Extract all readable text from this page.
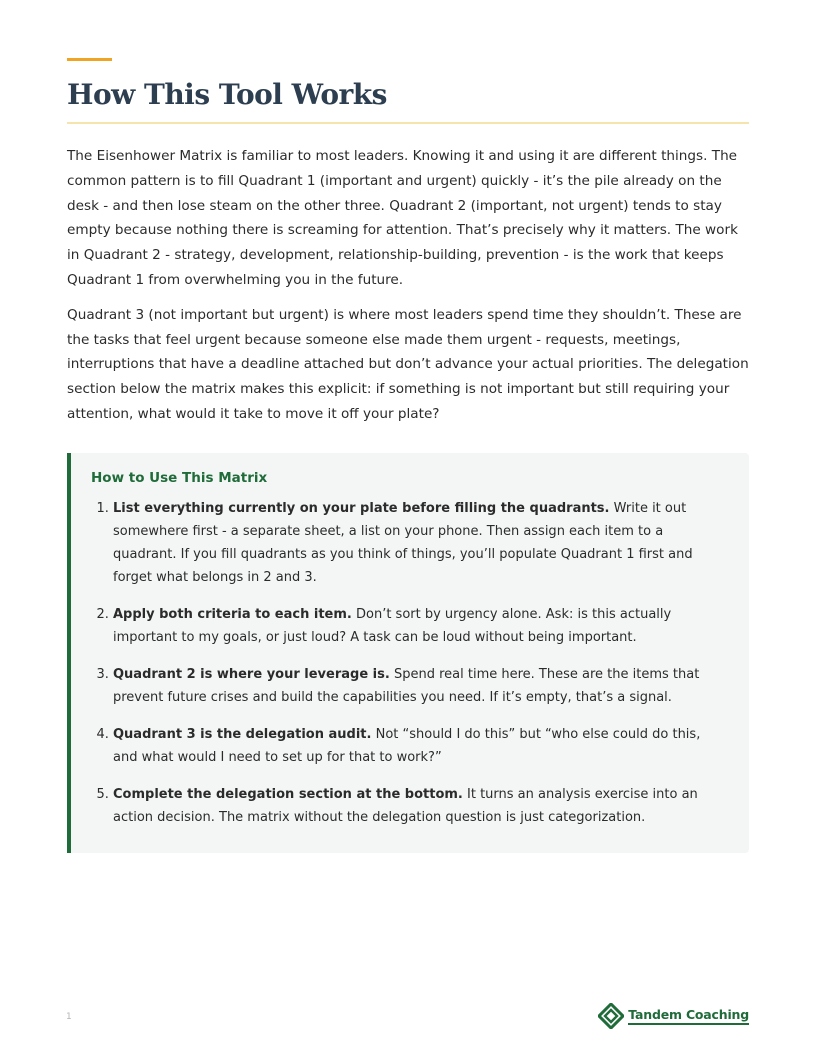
How This Tool Works

The Eisenhower Matrix is familiar to most leaders. Knowing it and using it are different things. The common pattern is to fill Quadrant 1 (important and urgent) quickly - it’s the pile already on the desk - and then lose steam on the other three. Quadrant 2 (important, not urgent) tends to stay empty because nothing there is screaming for attention. That’s precisely why it matters. The work in Quadrant 2 - strategy, development, relationship-building, prevention - is the work that keeps Quadrant 1 from overwhelming you in the future.

Quadrant 3 (not important but urgent) is where most leaders spend time they shouldn’t. These are the tasks that feel urgent because someone else made them urgent - requests, meetings, interruptions that have a deadline attached but don’t advance your actual priorities. The delegation section below the matrix makes this explicit: if something is not important but still requiring your attention, what would it take to move it off your plate?

How to Use This Matrix
1. List everything currently on your plate before filling the quadrants. Write it out somewhere first - a separate sheet, a list on your phone. Then assign each item to a quadrant. If you fill quadrants as you think of things, you’ll populate Quadrant 1 first and forget what belongs in 2 and 3.
2. Apply both criteria to each item. Don’t sort by urgency alone. Ask: is this actually important to my goals, or just loud? A task can be loud without being important.
3. Quadrant 2 is where your leverage is. Spend real time here. These are the items that prevent future crises and build the capabilities you need. If it’s empty, that’s a signal.
4. Quadrant 3 is the delegation audit. Not “should I do this” but “who else could do this, and what would I need to set up for that to work?”
5. Complete the delegation section at the bottom. It turns an analysis exercise into an action decision. The matrix without the delegation question is just categorization.
1	Tandem Coaching
